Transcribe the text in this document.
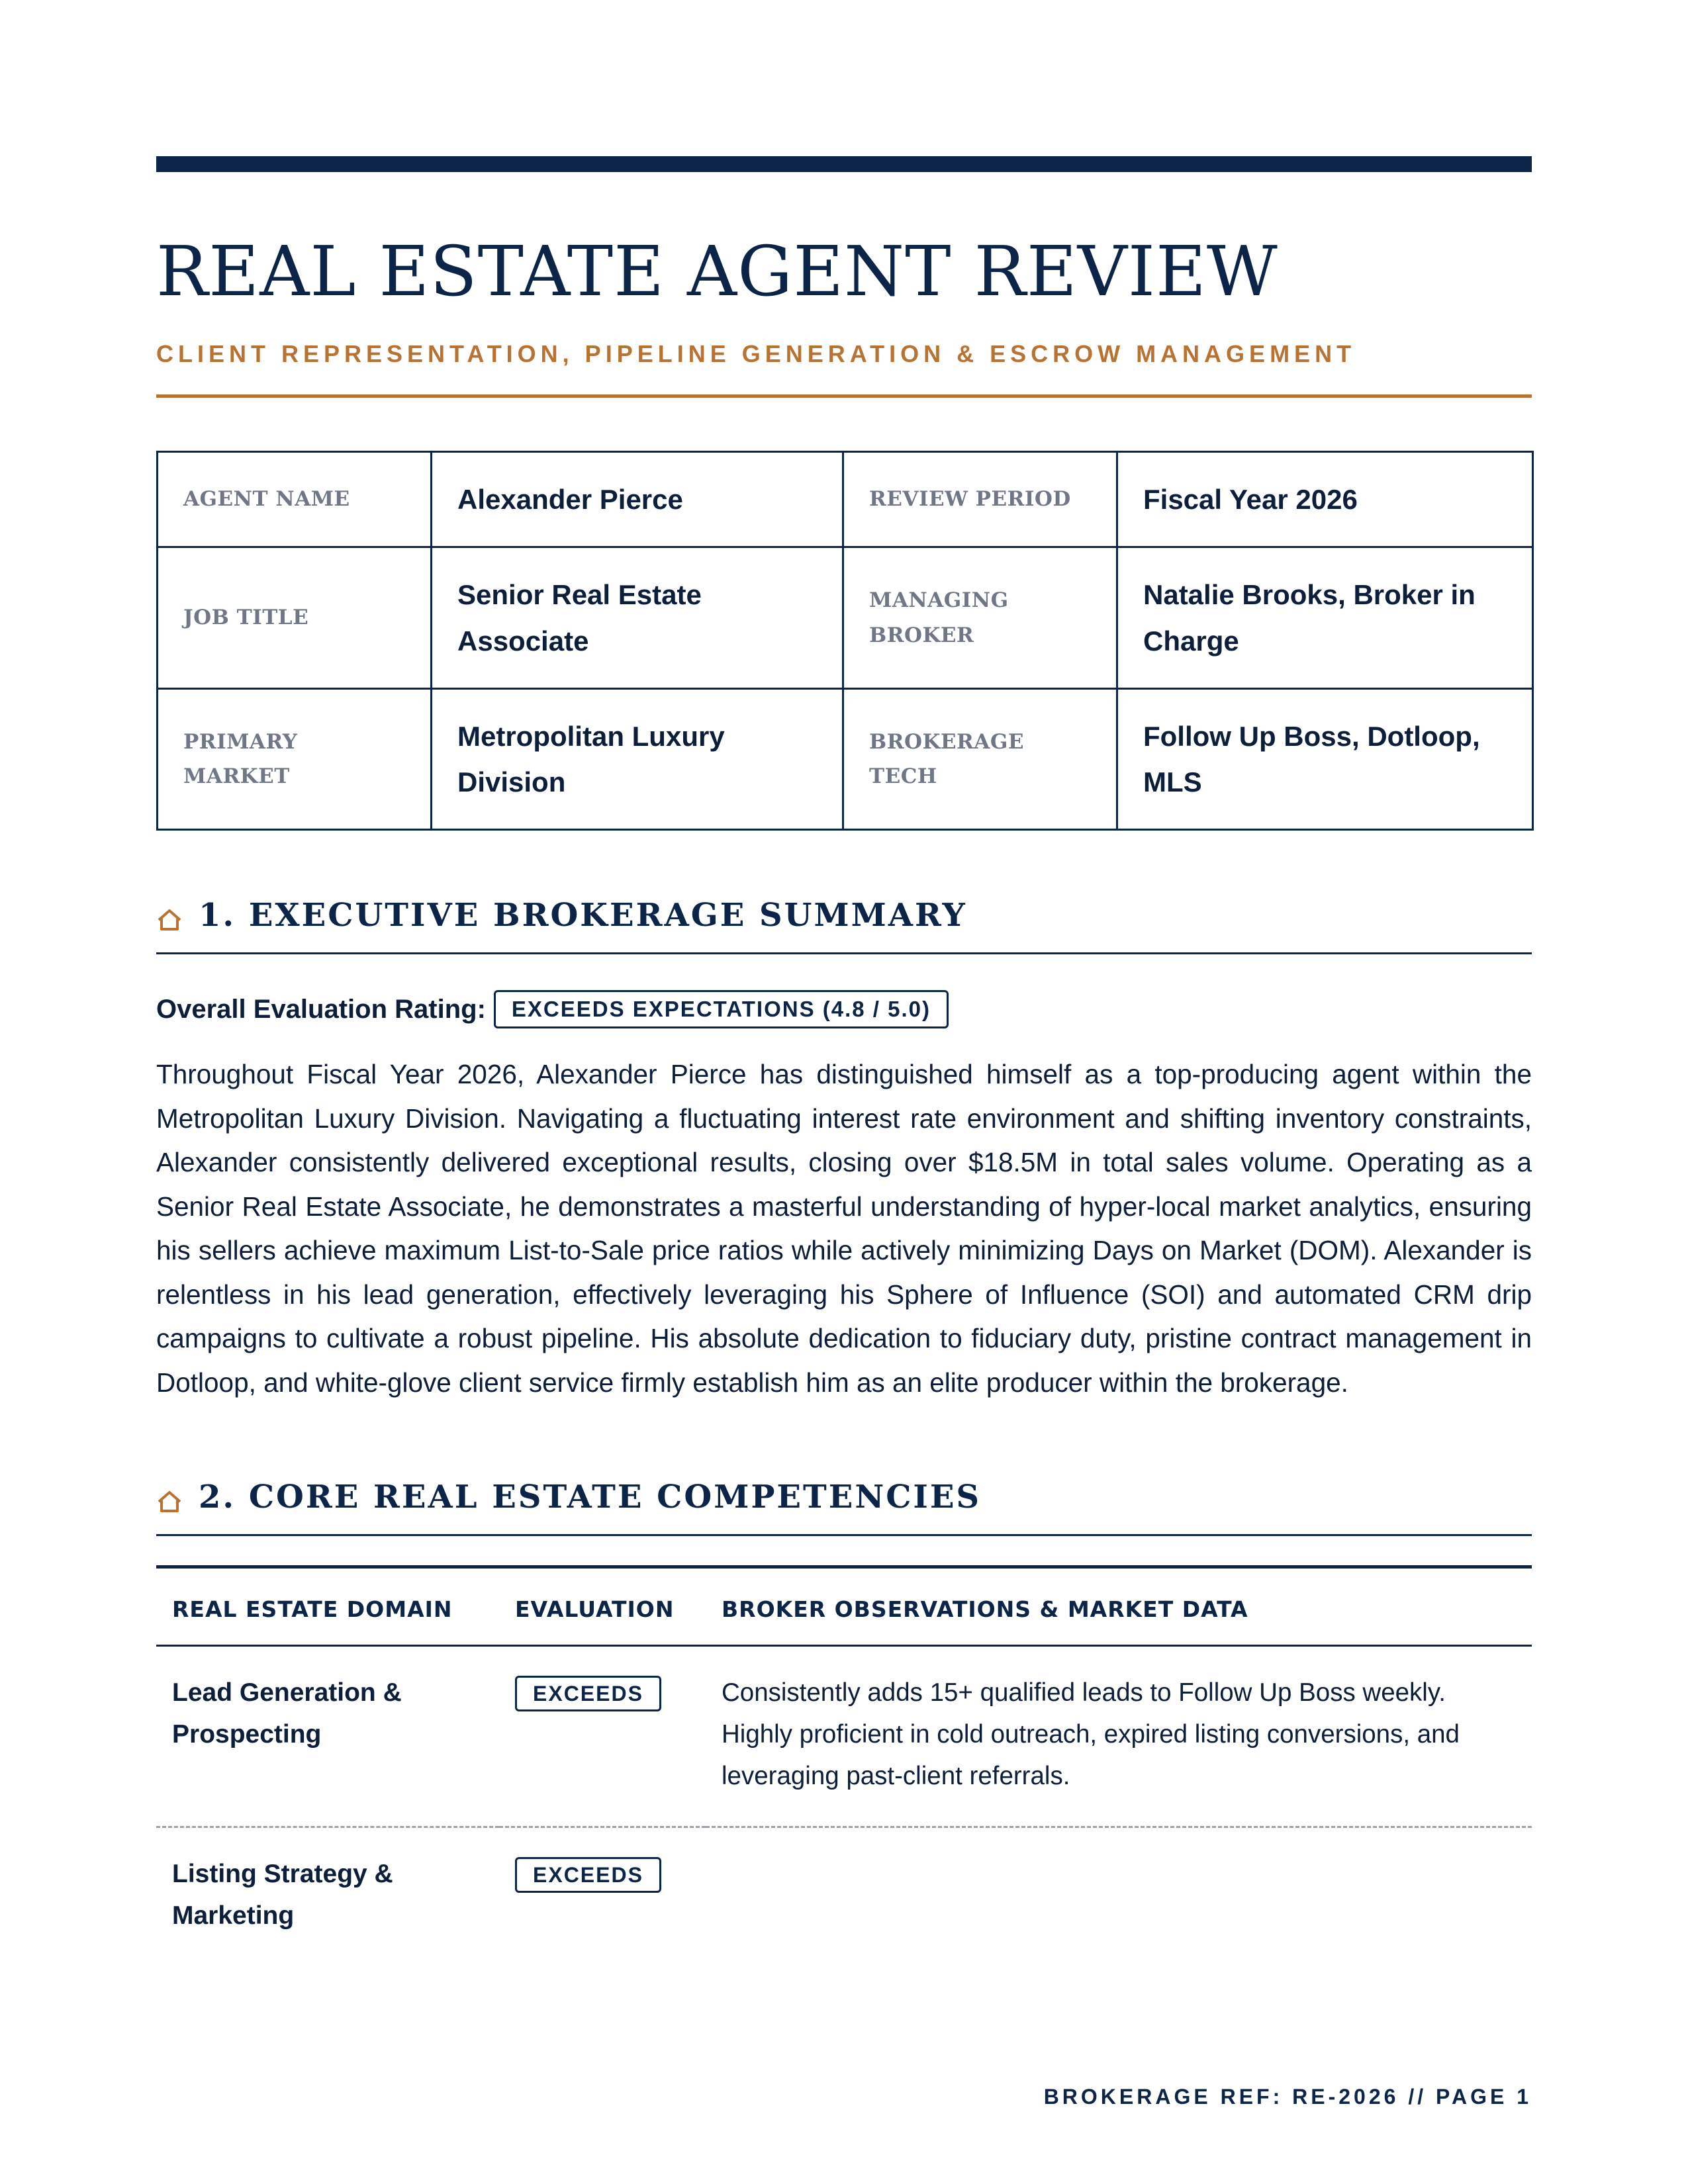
REAL ESTATE AGENT REVIEW
CLIENT REPRESENTATION, PIPELINE GENERATION & ESCROW MANAGEMENT
AGENT NAME	Alexander Pierce	REVIEW PERIOD	Fiscal Year 2026
JOB TITLE	Senior Real Estate Associate	MANAGING BROKER	Natalie Brooks, Broker in Charge
PRIMARY MARKET	Metropolitan Luxury Division	BROKERAGE TECH	Follow Up Boss, Dotloop, MLS
1. EXECUTIVE BROKERAGE SUMMARY
Overall Evaluation Rating:	EXCEEDS EXPECTATIONS (4.8 / 5.0)

Throughout Fiscal Year 2026, Alexander Pierce has distinguished himself as a top-producing agent within the Metropolitan Luxury Division. Navigating a fluctuating interest rate environment and shifting inventory constraints, Alexander consistently delivered exceptional results, closing over $18.5M in total sales volume. Operating as a Senior Real Estate Associate, he demonstrates a masterful understanding of hyper-local market analytics, ensuring his sellers achieve maximum List-to-Sale price ratios while actively minimizing Days on Market (DOM). Alexander is relentless in his lead generation, effectively leveraging his Sphere of Influence (SOI) and automated CRM drip campaigns to cultivate a robust pipeline. His absolute dedication to fiduciary duty, pristine contract management in Dotloop, and white-glove client service firmly establish him as an elite producer within the brokerage.

2. CORE REAL ESTATE COMPETENCIES
REAL ESTATE DOMAIN	EVALUATION	BROKER OBSERVATIONS & MARKET DATA
Lead Generation & Prospecting	EXCEEDS	Consistently adds 15+ qualified leads to Follow Up Boss weekly. Highly proficient in cold outreach, expired listing conversions, and leveraging past-client referrals.
Listing Strategy & Marketing	EXCEEDS	
BROKERAGE REF: RE-2026 // PAGE 1
